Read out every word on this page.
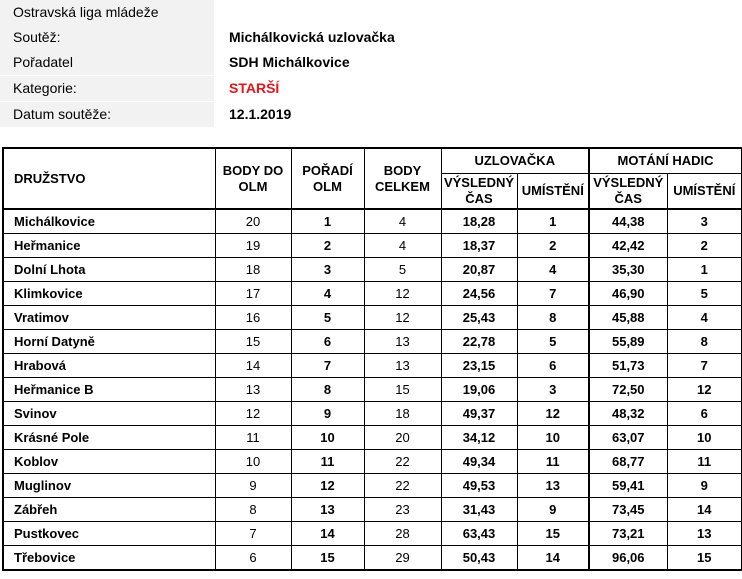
Ostravská liga mládeže
Soutěž:	Michálkovická uzlovačka
Pořadatel	SDH Michálkovice
Kategorie:	STARŠÍ
Datum soutěže:	12.1.2019
DRUŽSTVO	BODY DO OLM	POŘADÍ OLM	BODY CELKEM	UZLOVAČKA		MOTÁNÍ HADIC	
				VÝSLEDNÝ ČAS	UMÍSTĚNÍ	VÝSLEDNÝ ČAS	UMÍSTĚNÍ
Michálkovice	20	1	4	18,28	1	44,38	3
Heřmanice	19	2	4	18,37	2	42,42	2
Dolní Lhota	18	3	5	20,87	4	35,30	1
Klimkovice	17	4	12	24,56	7	46,90	5
Vratimov	16	5	12	25,43	8	45,88	4
Horní Datyně	15	6	13	22,78	5	55,89	8
Hrabová	14	7	13	23,15	6	51,73	7
Heřmanice B	13	8	15	19,06	3	72,50	12
Svinov	12	9	18	49,37	12	48,32	6
Krásné Pole	11	10	20	34,12	10	63,07	10
Koblov	10	11	22	49,34	11	68,77	11
Muglinov	9	12	22	49,53	13	59,41	9
Zábřeh	8	13	23	31,43	9	73,45	14
Pustkovec	7	14	28	63,43	15	73,21	13
Třebovice	6	15	29	50,43	14	96,06	15
